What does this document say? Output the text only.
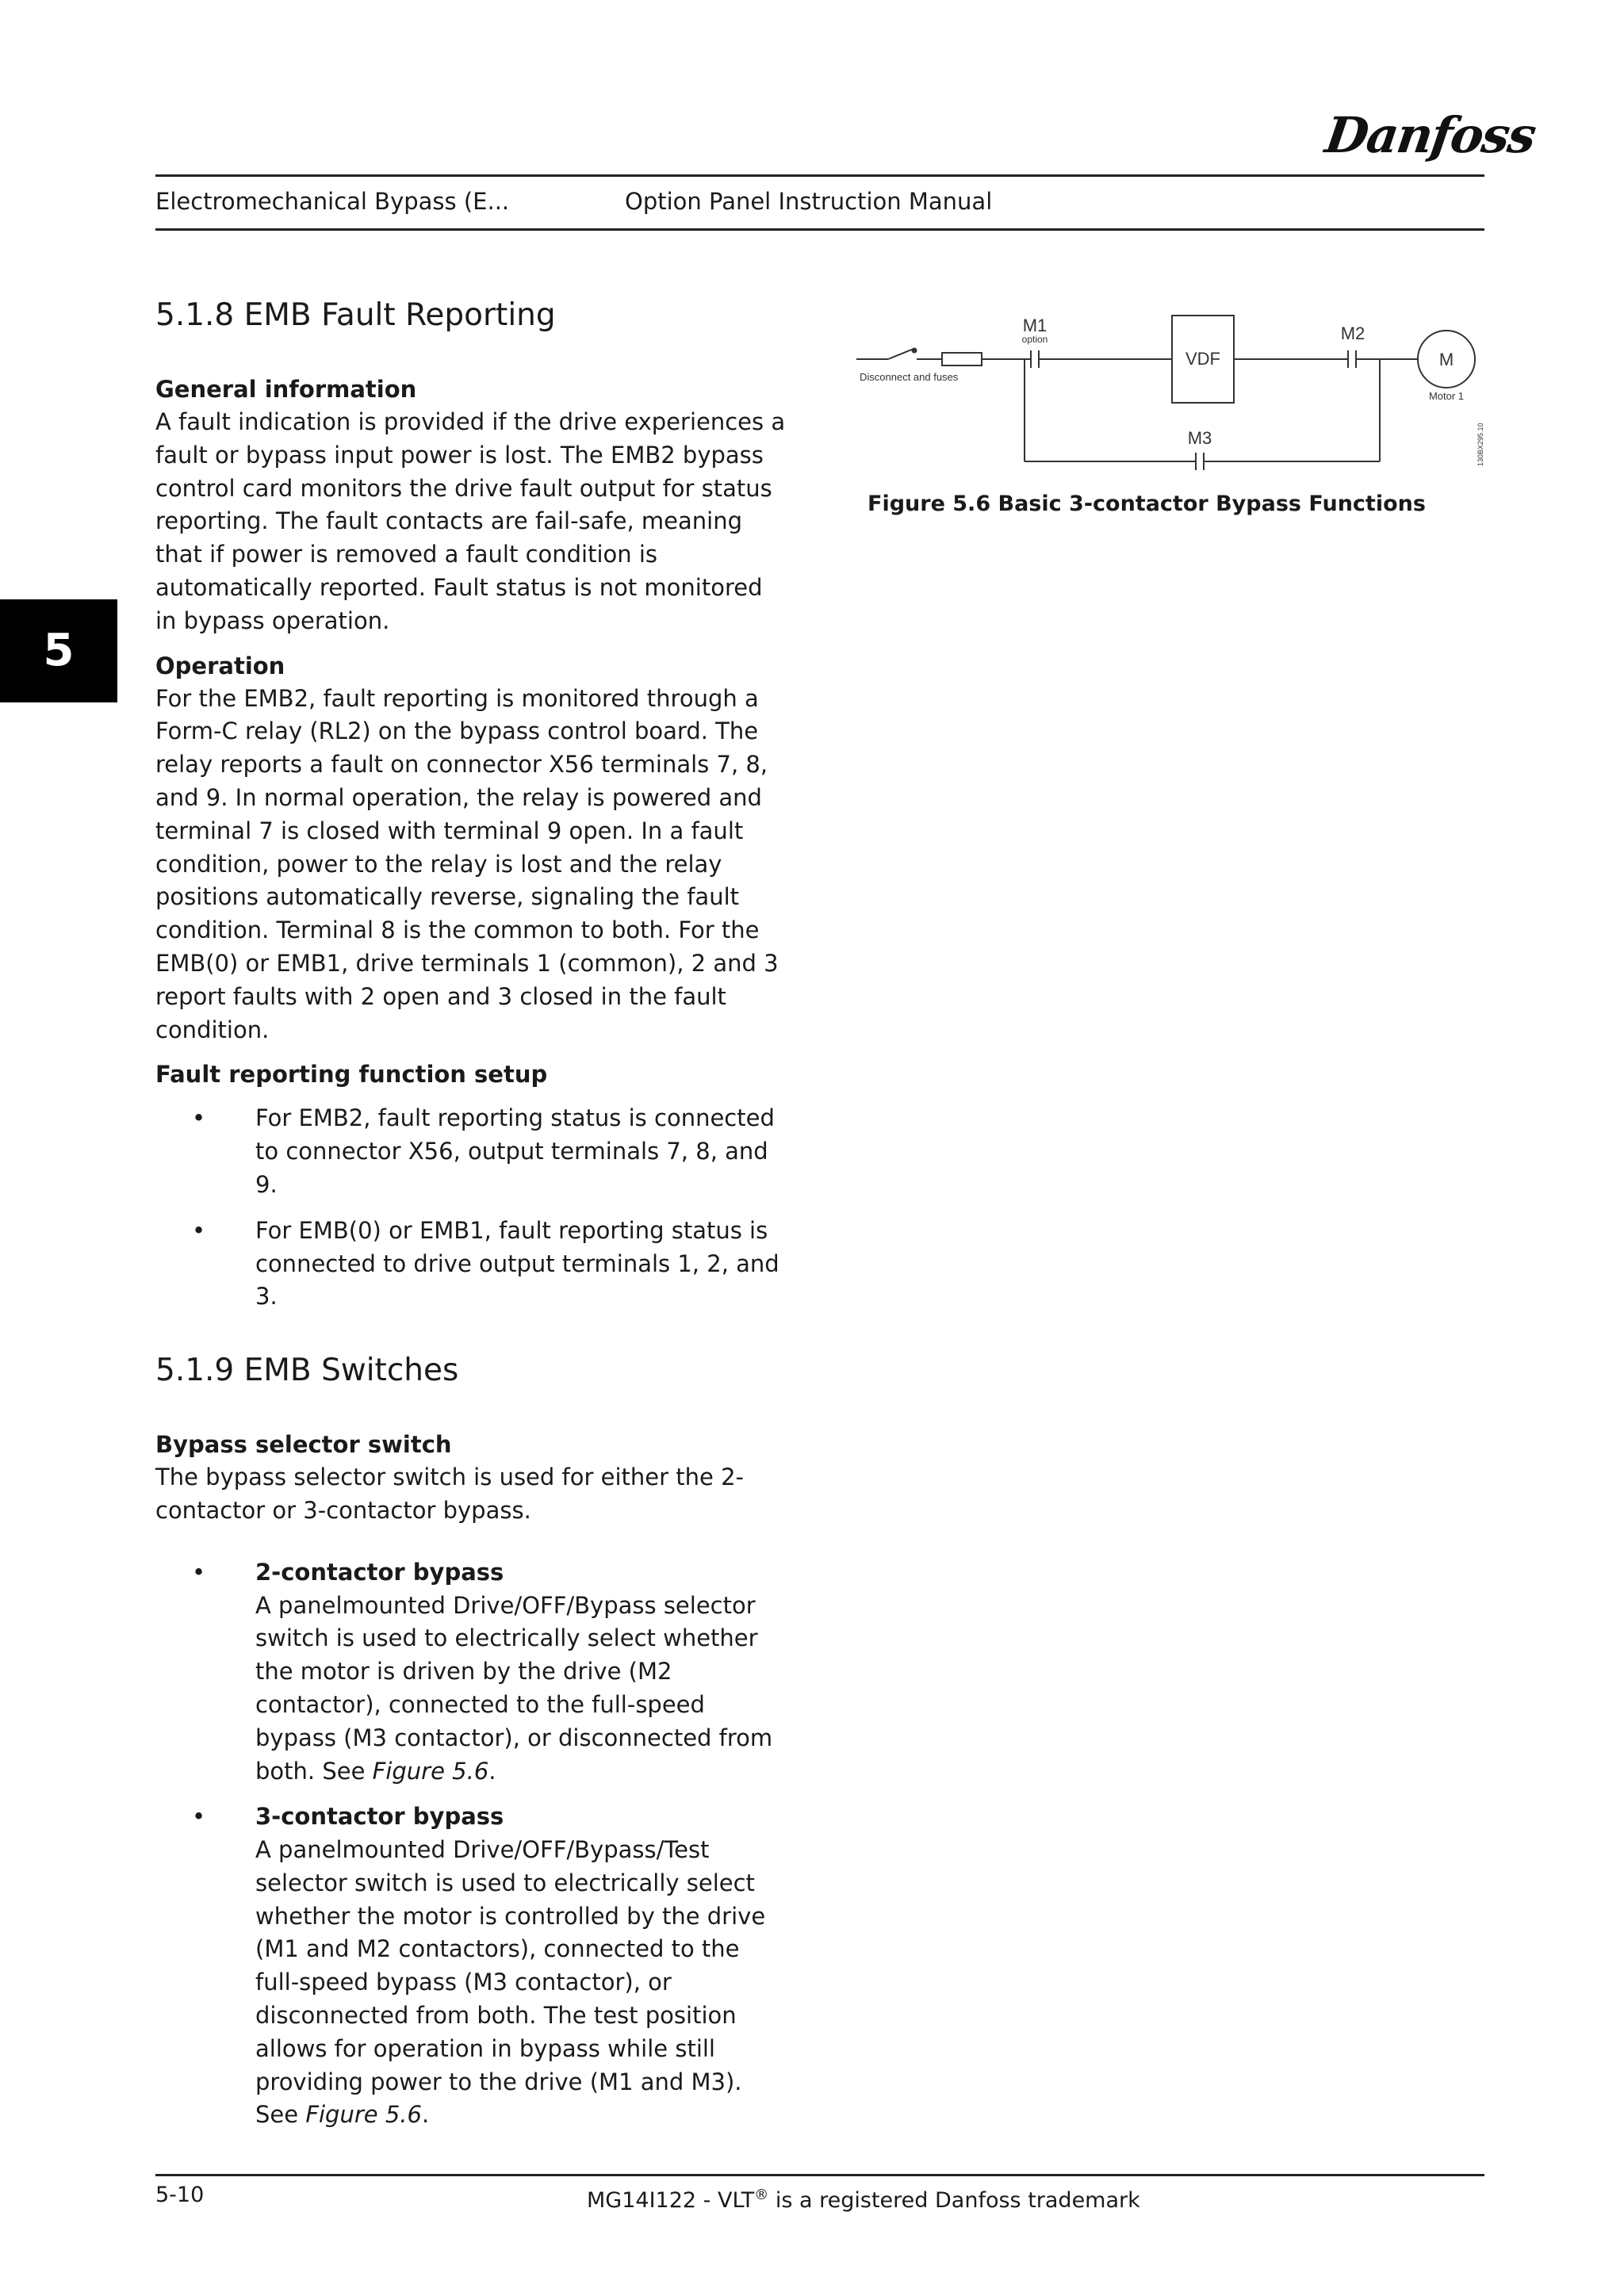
Danfoss
Electromechanical Bypass (E...	Option Panel Instruction Manual
5
5.1.8 EMB Fault Reporting
General information

A fault indication is provided if the drive experiences a fault or bypass input power is lost. The EMB2 bypass control card monitors the drive fault output for status reporting. The fault contacts are fail-safe, meaning that if power is removed a fault condition is automatically reported. Fault status is not monitored in bypass operation.

Operation

For the EMB2, fault reporting is monitored through a Form-C relay (RL2) on the bypass control board. The relay reports a fault on connector X56 terminals 7, 8, and 9. In normal operation, the relay is powered and terminal 7 is closed with terminal 9 open. In a fault condition, power to the relay is lost and the relay positions automatically reverse, signaling the fault condition. Terminal 8 is the common to both. For the EMB(0) or EMB1, drive terminals 1 (common), 2 and 3 report faults with 2 open and 3 closed in the fault condition.

Fault reporting function setup
• For EMB2, fault reporting status is connected to connector X56, output terminals 7, 8, and 9.
• For EMB(0) or EMB1, fault reporting status is connected to drive output terminals 1, 2, and 3.
5.1.9 EMB Switches
Bypass selector switch

The bypass selector switch is used for either the 2-contactor or 3-contactor bypass.

• 2-contactor bypass
A panelmounted Drive/OFF/Bypass selector switch is used to electrically select whether the motor is driven by the drive (M2 contactor), connected to the full-speed bypass (M3 contactor), or disconnected from both. See Figure 5.6.
• 3-contactor bypass
A panelmounted Drive/OFF/Bypass/Test selector switch is used to electrically select whether the motor is controlled by the drive (M1 and M2 contactors), connected to the full-speed bypass (M3 contactor), or disconnected from both. The test position allows for operation in bypass while still providing power to the drive (M1 and M3). See Figure 5.6.
M1
option
VDF
M2
M
Motor 1
M3
Disconnect and fuses
130BX295.10
Figure 5.6 Basic 3-contactor Bypass Functions
5-10	MG14I122 - VLT® is a registered Danfoss trademark
